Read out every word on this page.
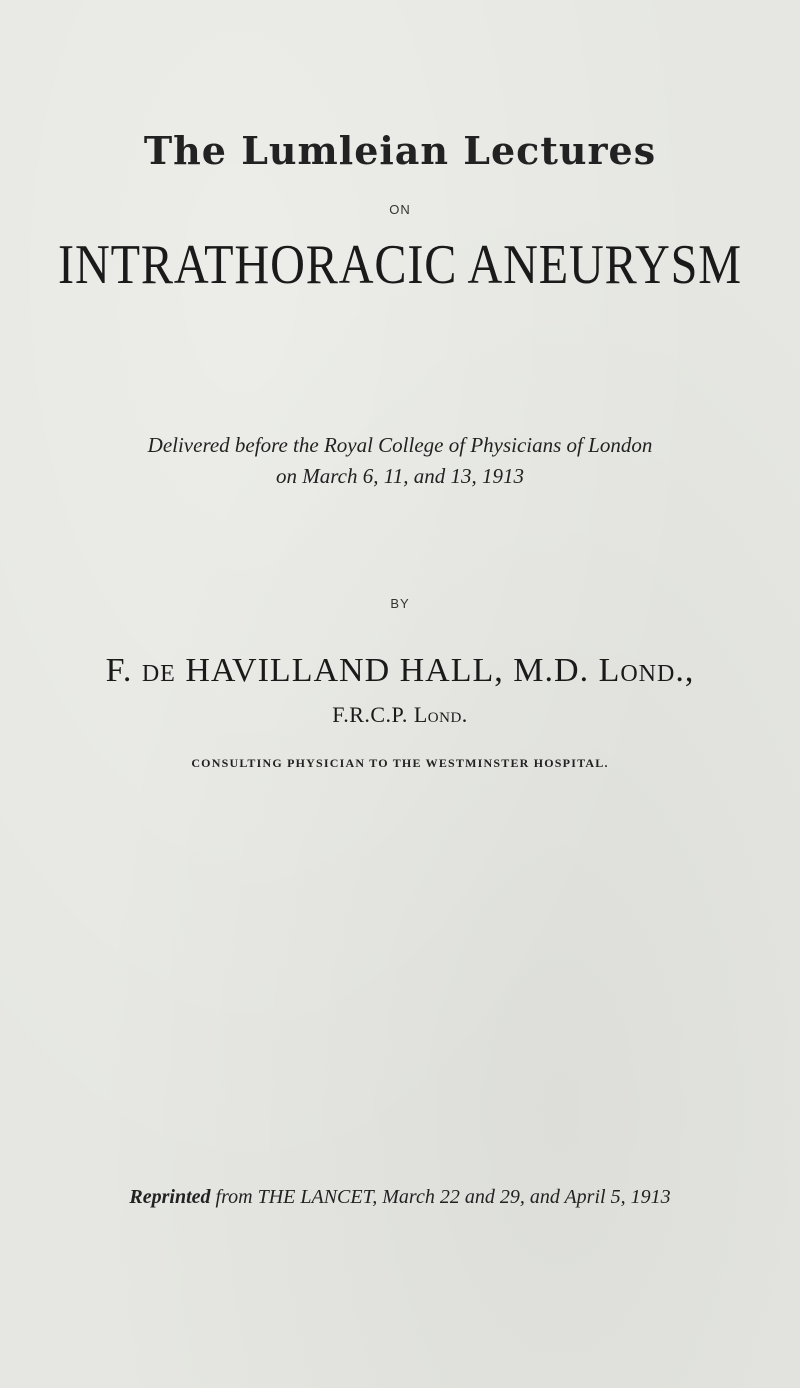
The Lumleian Lectures
ON
INTRATHORACIC ANEURYSM
Delivered before the Royal College of Physicians of London
on March 6, 11, and 13, 1913
BY
F. de HAVILLAND HALL, M.D. Lond.,
F.R.C.P. Lond.
CONSULTING PHYSICIAN TO THE WESTMINSTER HOSPITAL.
Reprinted from THE LANCET, March 22 and 29, and April 5, 1913
